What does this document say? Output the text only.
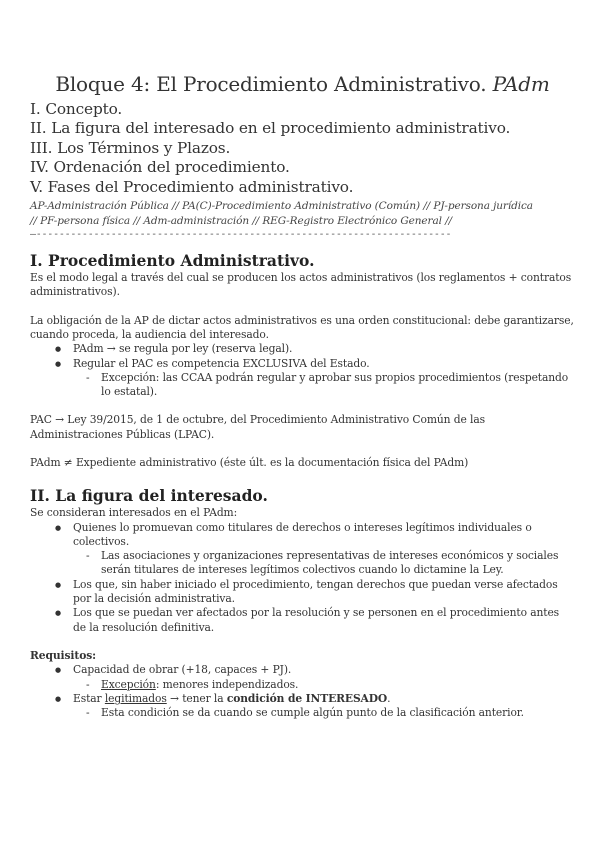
Bloque 4: El Procedimiento Administrativo. PAdm
I. Concepto.
II. La figura del interesado en el procedimiento administrativo.
III. Los Términos y Plazos.
IV. Ordenación del procedimiento.
V. Fases del Procedimiento administrativo.
AP-Administración Pública // PA(C)-Procedimiento Administrativo (Común) // PJ-persona jurídica
// PF-persona física // Adm-administración // REG-Registro Electrónico General //
—------------------------------------------------------------------------
I. Procedimiento Administrativo.

Es el modo legal a través del cual se producen los actos administrativos (los reglamentos + contratos administrativos).

La obligación de la AP de dictar actos administrativos es una orden constitucional: debe garantizarse, cuando proceda, la audiencia del interesado.

● PAdm → se regula por ley (reserva legal).
● Regular el PAC es competencia EXCLUSIVA del Estado.
- Excepción: las CCAA podrán regular y aprobar sus propios procedimientos (respetando lo estatal).

PAC → Ley 39/2015, de 1 de octubre, del Procedimiento Administrativo Común de las Administraciones Públicas (LPAC).

PAdm ≠ Expediente administrativo (éste últ. es la documentación física del PAdm)

II. La figura del interesado.

Se consideran interesados en el PAdm:

● Quienes lo promuevan como titulares de derechos o intereses legítimos individuales o colectivos.
- Las asociaciones y organizaciones representativas de intereses económicos y sociales serán titulares de intereses legítimos colectivos cuando lo dictamine la Ley.
● Los que, sin haber iniciado el procedimiento, tengan derechos que puedan verse afectados por la decisión administrativa.
● Los que se puedan ver afectados por la resolución y se personen en el procedimiento antes de la resolución definitiva.

Requisitos:

● Capacidad de obrar (+18, capaces + PJ).
- Excepción: menores independizados.
● Estar legitimados → tener la condición de INTERESADO.
- Esta condición se da cuando se cumple algún punto de la clasificación anterior.
